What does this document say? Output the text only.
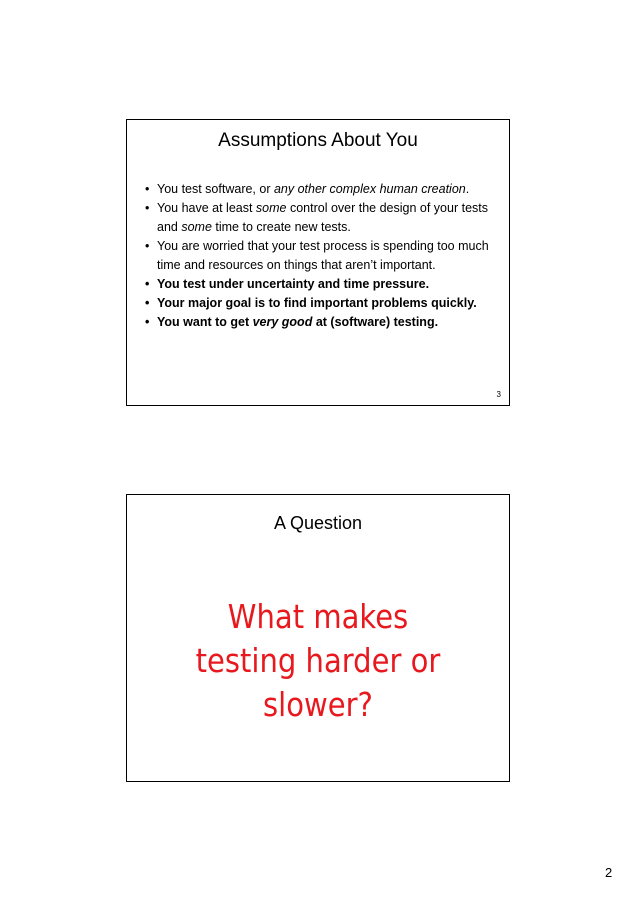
Assumptions About You
• You test software, or any other complex human creation.
• You have at least some control over the design of your tests and some time to create new tests.
• You are worried that your test process is spending too much time and resources on things that aren’t important.
• You test under uncertainty and time pressure.
• Your major goal is to find important problems quickly.
• You want to get very good at (software) testing.
3
A Question
What makes
testing harder or
slower?
2
